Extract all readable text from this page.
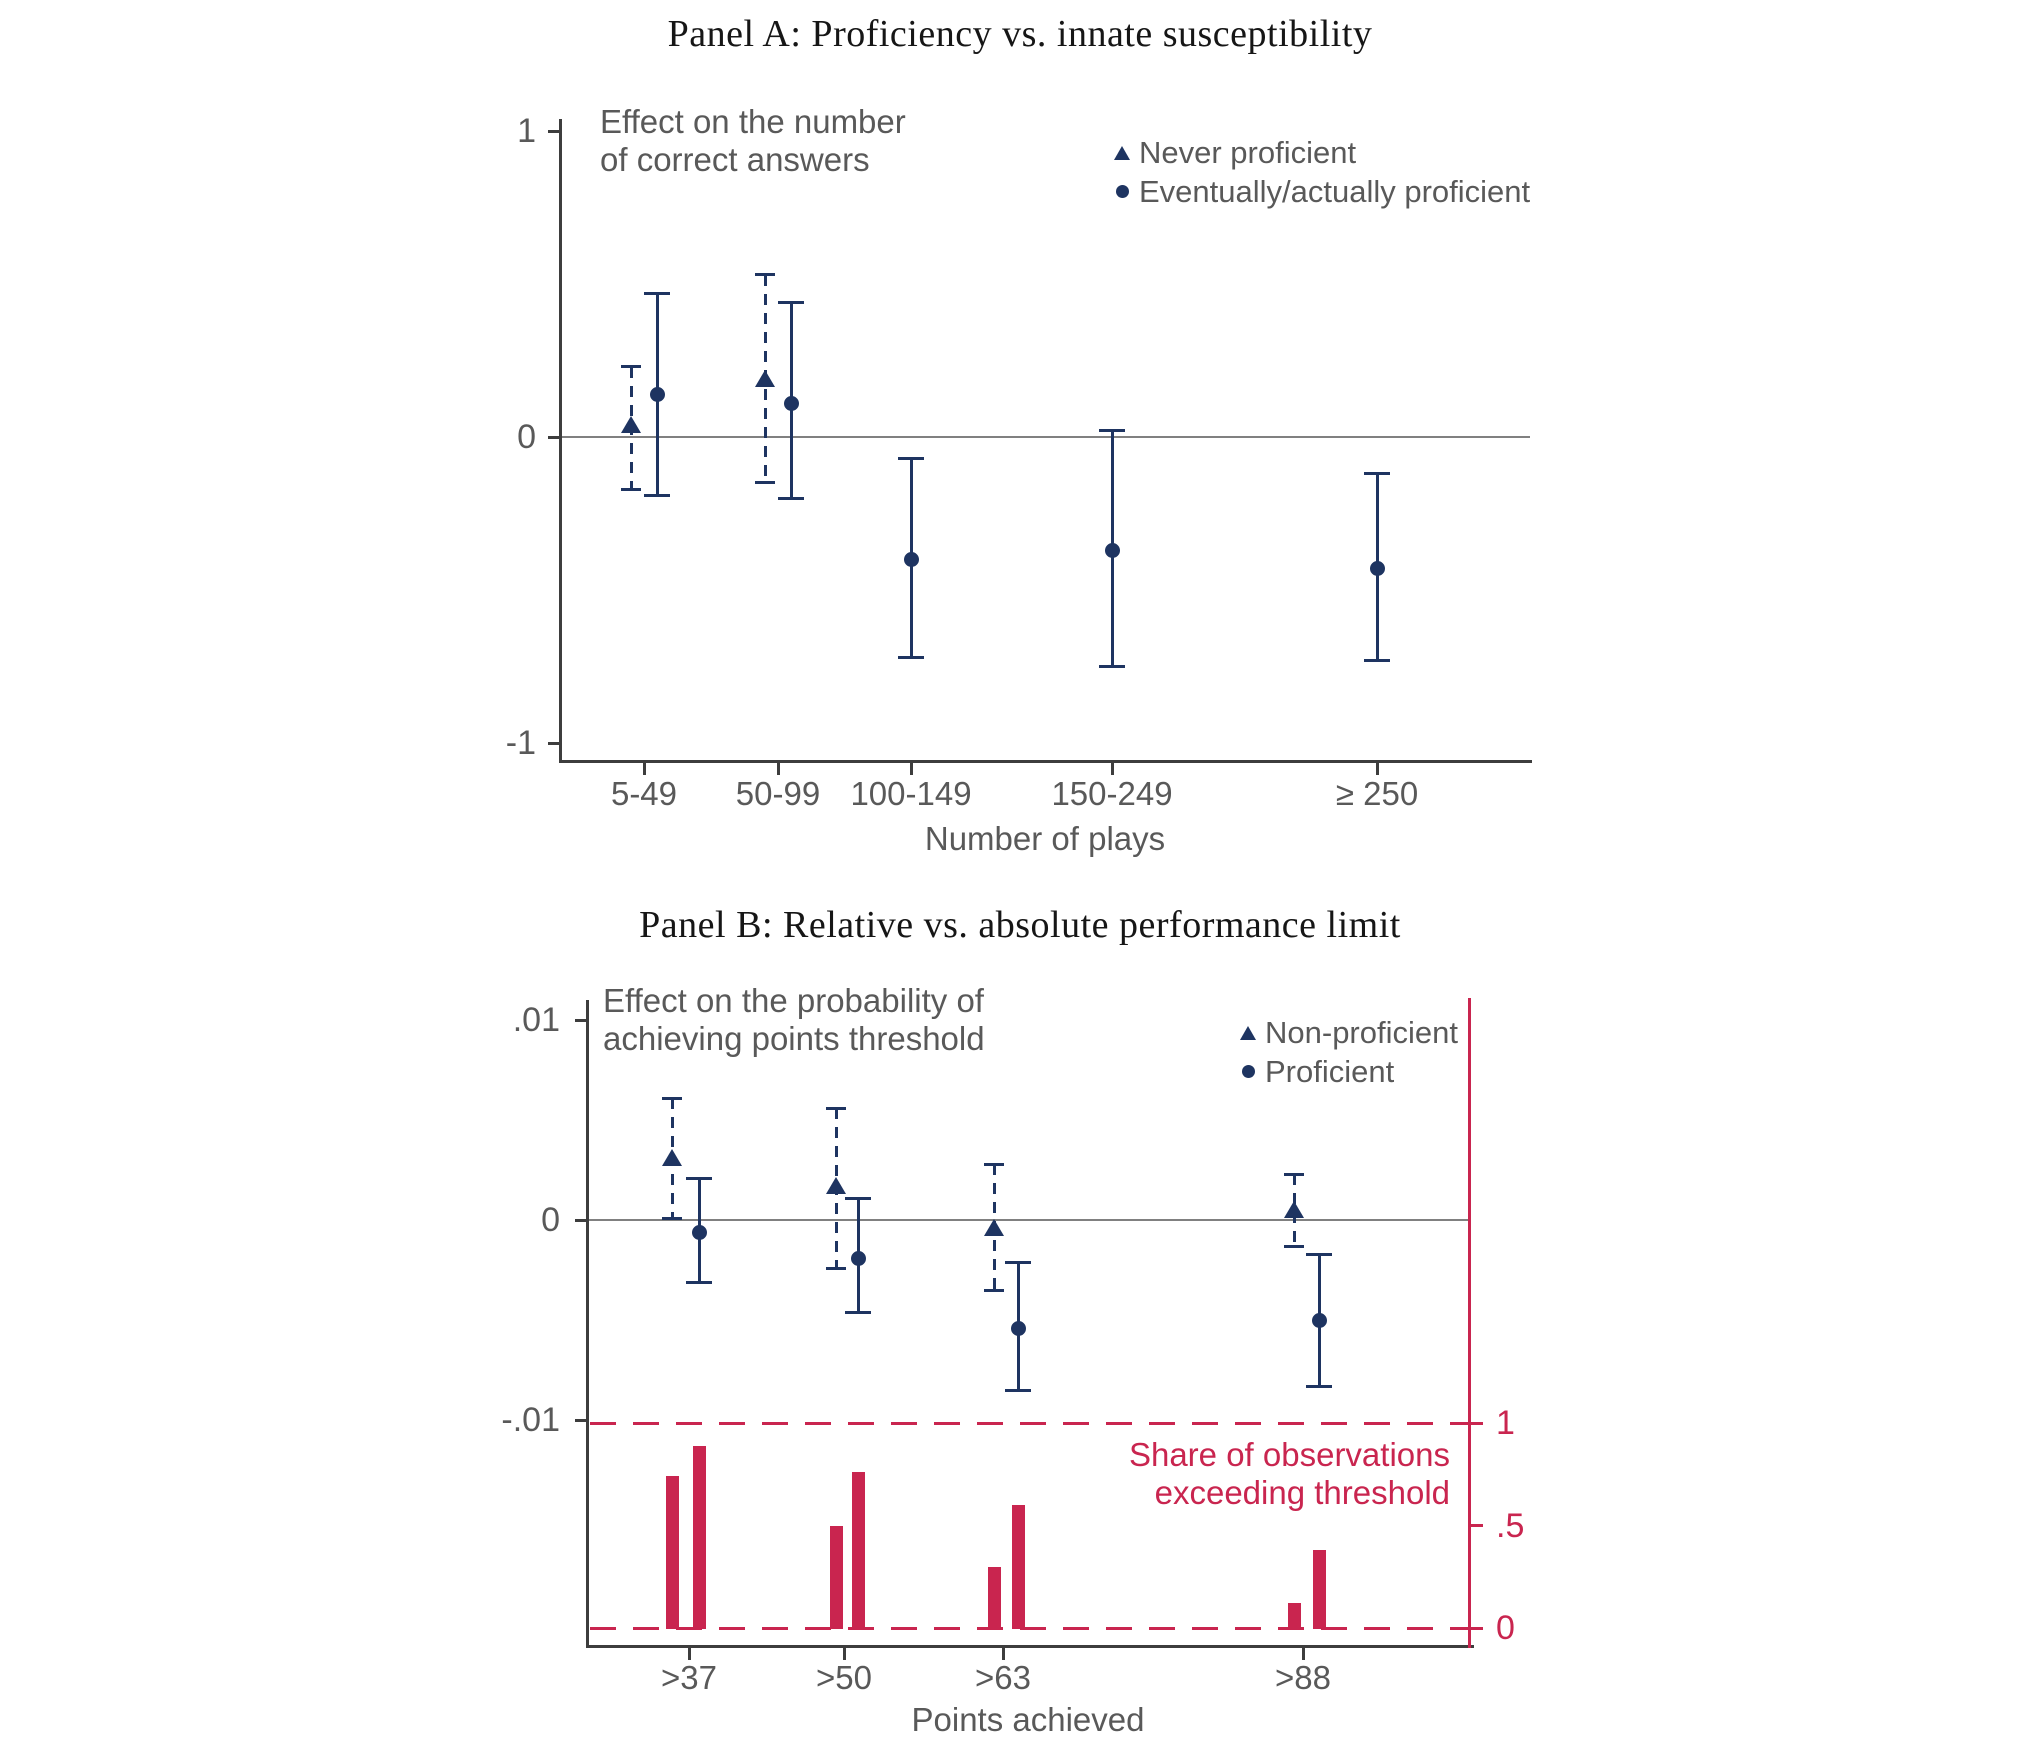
Panel A: Proficiency vs. innate susceptibility
Panel B: Relative vs. absolute performance limit
Effect on the number
of correct answers
Effect on the probability of
achieving points threshold
Number of plays
Points achieved
Never proficient
Eventually/actually proficient
Non-proficient
Proficient
Share of observations
exceeding threshold
1
0
-1
5-49	50-99 100-149	150-249	≥ 250
.01
0
-.01
>37	>50	>63	>88
1
.5
0
